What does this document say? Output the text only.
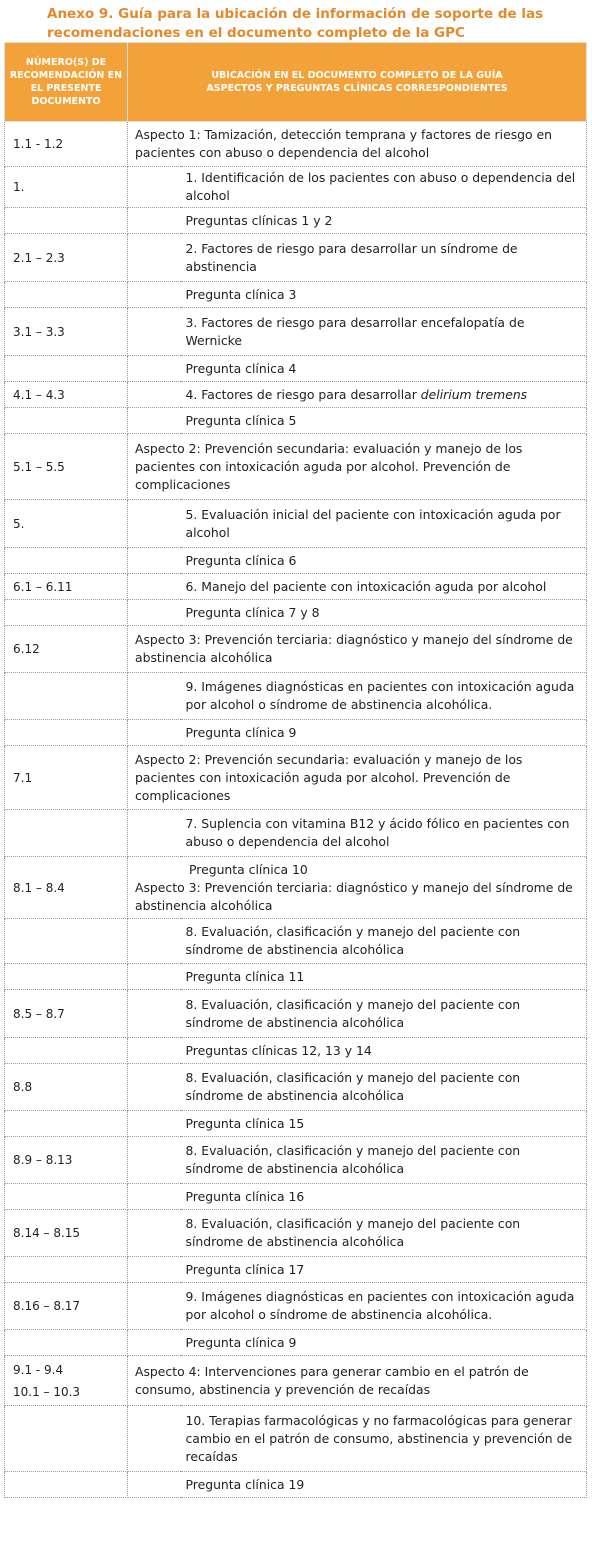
Anexo 9. Guía para la ubicación de información de soporte de las recomendaciones en el documento completo de la GPC
NÚMERO(S) DE RECOMENDACIÓN EN EL PRESENTE DOCUMENTO	UBICACIÓN EN EL DOCUMENTO COMPLETO DE LA GUÍA
ASPECTOS Y PREGUNTAS CLÍNICAS CORRESPONDIENTES	

1.1 - 1.2	Aspecto 1: Tamización, detección temprana y factores de riesgo en pacientes con abuso o dependencia del alcohol	

1.		1. Identificación de los pacientes con abuso o dependencia del alcohol
		Preguntas clínicas 1 y 2

2.1 – 2.3		2. Factores de riesgo para desarrollar un síndrome de abstinencia
		Pregunta clínica 3

3.1 – 3.3		3. Factores de riesgo para desarrollar encefalopatía de Wernicke
		Pregunta clínica 4

4.1 – 4.3		4. Factores de riesgo para desarrollar delirium tremens
		Pregunta clínica 5

5.1 – 5.5	Aspecto 2: Prevención secundaria: evaluación y manejo de los pacientes con intoxicación aguda por alcohol. Prevención de complicaciones	

5.		5. Evaluación inicial del paciente con intoxicación aguda por alcohol
		Pregunta clínica 6

6.1 – 6.11		6. Manejo del paciente con intoxicación aguda por alcohol
		Pregunta clínica 7 y 8

6.12	Aspecto 3: Prevención terciaria: diagnóstico y manejo del síndrome de abstinencia alcohólica	
		9. Imágenes diagnósticas en pacientes con intoxicación aguda por alcohol o síndrome de abstinencia alcohólica.
		Pregunta clínica 9

7.1	Aspecto 2: Prevención secundaria: evaluación y manejo de los pacientes con intoxicación aguda por alcohol. Prevención de complicaciones	
		7. Suplencia con vitamina B12 y ácido fólico en pacientes con abuso o dependencia del alcohol

8.1 – 8.4	Pregunta clínica 10
Aspecto 3: Prevención terciaria: diagnóstico y manejo del síndrome de abstinencia alcohólica	

		8. Evaluación, clasificación y manejo del paciente con síndrome de abstinencia alcohólica
		Pregunta clínica 11

8.5 – 8.7		8. Evaluación, clasificación y manejo del paciente con síndrome de abstinencia alcohólica
		Preguntas clínicas 12, 13 y 14

8.8		8. Evaluación, clasificación y manejo del paciente con síndrome de abstinencia alcohólica
		Pregunta clínica 15

8.9 – 8.13		8. Evaluación, clasificación y manejo del paciente con síndrome de abstinencia alcohólica
		Pregunta clínica 16

8.14 – 8.15		8. Evaluación, clasificación y manejo del paciente con síndrome de abstinencia alcohólica
		Pregunta clínica 17

8.16 – 8.17		9. Imágenes diagnósticas en pacientes con intoxicación aguda por alcohol o síndrome de abstinencia alcohólica.
		Pregunta clínica 9

9.1 - 9.4
10.1 – 10.3	Aspecto 4: Intervenciones para generar cambio en el patrón de consumo, abstinencia y prevención de recaídas	
		10. Terapias farmacológicas y no farmacológicas para generar cambio en el patrón de consumo, abstinencia y prevención de recaídas
		Pregunta clínica 19
